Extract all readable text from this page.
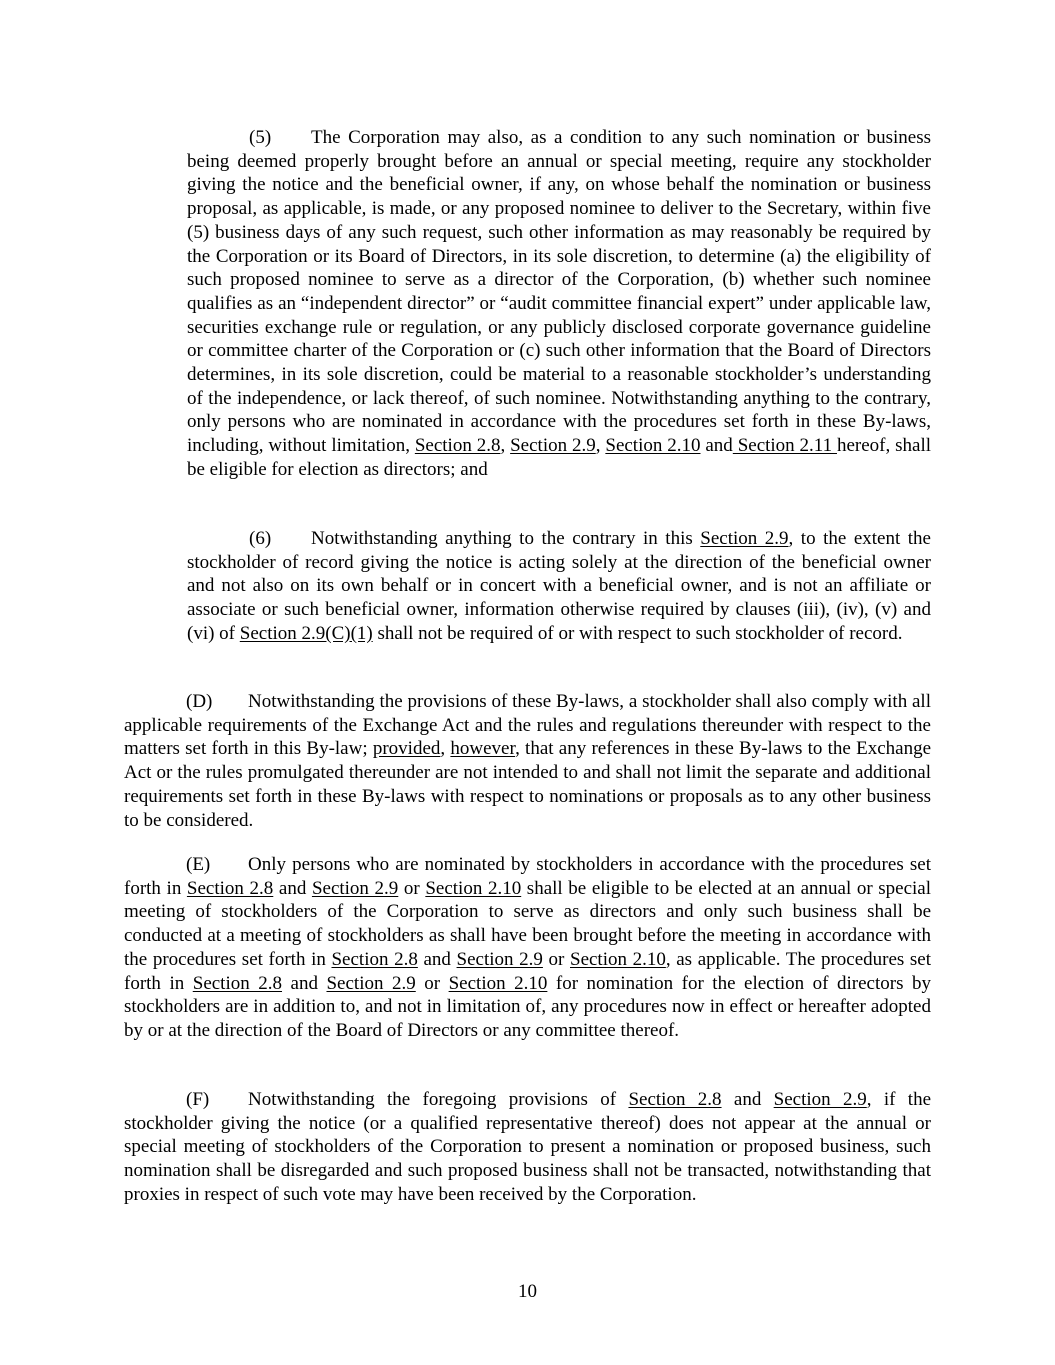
(5) The Corporation may also, as a condition to any such nomination or business being deemed properly brought before an annual or special meeting, require any stockholder giving the notice and the beneficial owner, if any, on whose behalf the nomination or business proposal, as applicable, is made, or any proposed nominee to deliver to the Secretary, within five (5) business days of any such request, such other information as may reasonably be required by the Corporation or its Board of Directors, in its sole discretion, to determine (a) the eligibility of such proposed nominee to serve as a director of the Corporation, (b) whether such nominee qualifies as an “independent director” or “audit committee financial expert” under applicable law, securities exchange rule or regulation, or any publicly disclosed corporate governance guideline or committee charter of the Corporation or (c) such other information that the Board of Directors determines, in its sole discretion, could be material to a reasonable stockholder’s understanding of the independence, or lack thereof, of such nominee. Notwithstanding anything to the contrary, only persons who are nominated in accordance with the procedures set forth in these By-laws, including, without limitation, Section 2.8, Section 2.9, Section 2.10 and Section 2.11 hereof, shall be eligible for election as directors; and

(6) Notwithstanding anything to the contrary in this Section 2.9, to the extent the stockholder of record giving the notice is acting solely at the direction of the beneficial owner and not also on its own behalf or in concert with a beneficial owner, and is not an affiliate or associate or such beneficial owner, information otherwise required by clauses (iii), (iv), (v) and (vi) of Section 2.9(C)(1) shall not be required of or with respect to such stockholder of record.

(D) Notwithstanding the provisions of these By-laws, a stockholder shall also comply with all applicable requirements of the Exchange Act and the rules and regulations thereunder with respect to the matters set forth in this By-law; provided, however, that any references in these By-laws to the Exchange Act or the rules promulgated thereunder are not intended to and shall not limit the separate and additional requirements set forth in these By-laws with respect to nominations or proposals as to any other business to be considered.

(E) Only persons who are nominated by stockholders in accordance with the procedures set forth in Section 2.8 and Section 2.9 or Section 2.10 shall be eligible to be elected at an annual or special meeting of stockholders of the Corporation to serve as directors and only such business shall be conducted at a meeting of stockholders as shall have been brought before the meeting in accordance with the procedures set forth in Section 2.8 and Section 2.9 or Section 2.10, as applicable. The procedures set forth in Section 2.8 and Section 2.9 or Section 2.10 for nomination for the election of directors by stockholders are in addition to, and not in limitation of, any procedures now in effect or hereafter adopted by or at the direction of the Board of Directors or any committee thereof.

(F) Notwithstanding the foregoing provisions of Section 2.8 and Section 2.9, if the stockholder giving the notice (or a qualified representative thereof) does not appear at the annual or special meeting of stockholders of the Corporation to present a nomination or proposed business, such nomination shall be disregarded and such proposed business shall not be transacted, notwithstanding that proxies in respect of such vote may have been received by the Corporation.

10
